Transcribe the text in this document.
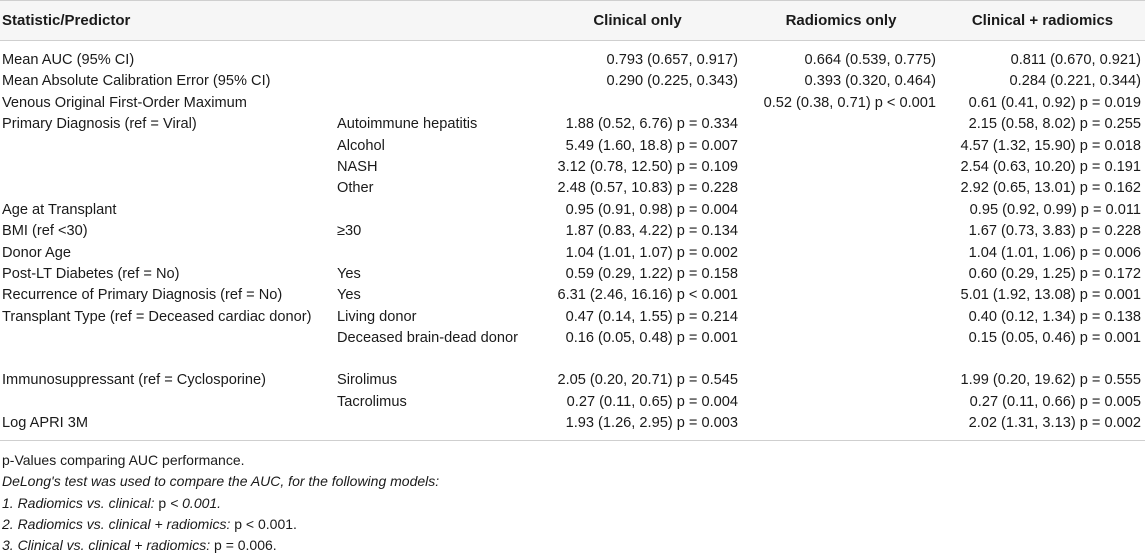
Statistic/Predictor		Clinical only	Radiomics only	Clinical + radiomics
Mean AUC (95% CI)		0.793 (0.657, 0.917)	0.664 (0.539, 0.775)	0.811 (0.670, 0.921)
Mean Absolute Calibration Error (95% CI)		0.290 (0.225, 0.343)	0.393 (0.320, 0.464)	0.284 (0.221, 0.344)
Venous Original First-Order Maximum			0.52 (0.38, 0.71) p < 0.001	0.61 (0.41, 0.92) p = 0.019
Primary Diagnosis (ref = Viral)	Autoimmune hepatitis	1.88 (0.52, 6.76) p = 0.334		2.15 (0.58, 8.02) p = 0.255
	Alcohol	5.49 (1.60, 18.8) p = 0.007		4.57 (1.32, 15.90) p = 0.018
	NASH	3.12 (0.78, 12.50) p = 0.109		2.54 (0.63, 10.20) p = 0.191
	Other	2.48 (0.57, 10.83) p = 0.228		2.92 (0.65, 13.01) p = 0.162
Age at Transplant		0.95 (0.91, 0.98) p = 0.004		0.95 (0.92, 0.99) p = 0.011
BMI (ref <30)	≥30	1.87 (0.83, 4.22) p = 0.134		1.67 (0.73, 3.83) p = 0.228
Donor Age		1.04 (1.01, 1.07) p = 0.002		1.04 (1.01, 1.06) p = 0.006
Post-LT Diabetes (ref = No)	Yes	0.59 (0.29, 1.22) p = 0.158		0.60 (0.29, 1.25) p = 0.172
Recurrence of Primary Diagnosis (ref = No)	Yes	6.31 (2.46, 16.16) p < 0.001		5.01 (1.92, 13.08) p = 0.001
Transplant Type (ref = Deceased cardiac donor)	Living donor	0.47 (0.14, 1.55) p = 0.214		0.40 (0.12, 1.34) p = 0.138
	Deceased brain-dead donor	0.16 (0.05, 0.48) p = 0.001		0.15 (0.05, 0.46) p = 0.001
Immunosuppressant (ref = Cyclosporine)	Sirolimus	2.05 (0.20, 20.71) p = 0.545		1.99 (0.20, 19.62) p = 0.555
	Tacrolimus	0.27 (0.11, 0.65) p = 0.004		0.27 (0.11, 0.66) p = 0.005
Log APRI 3M		1.93 (1.26, 2.95) p = 0.003		2.02 (1.31, 3.13) p = 0.002
p-Values comparing AUC performance.
DeLong's test was used to compare the AUC, for the following models:
1. Radiomics vs. clinical: p < 0.001.
2. Radiomics vs. clinical + radiomics: p < 0.001.
3. Clinical vs. clinical + radiomics: p = 0.006.
